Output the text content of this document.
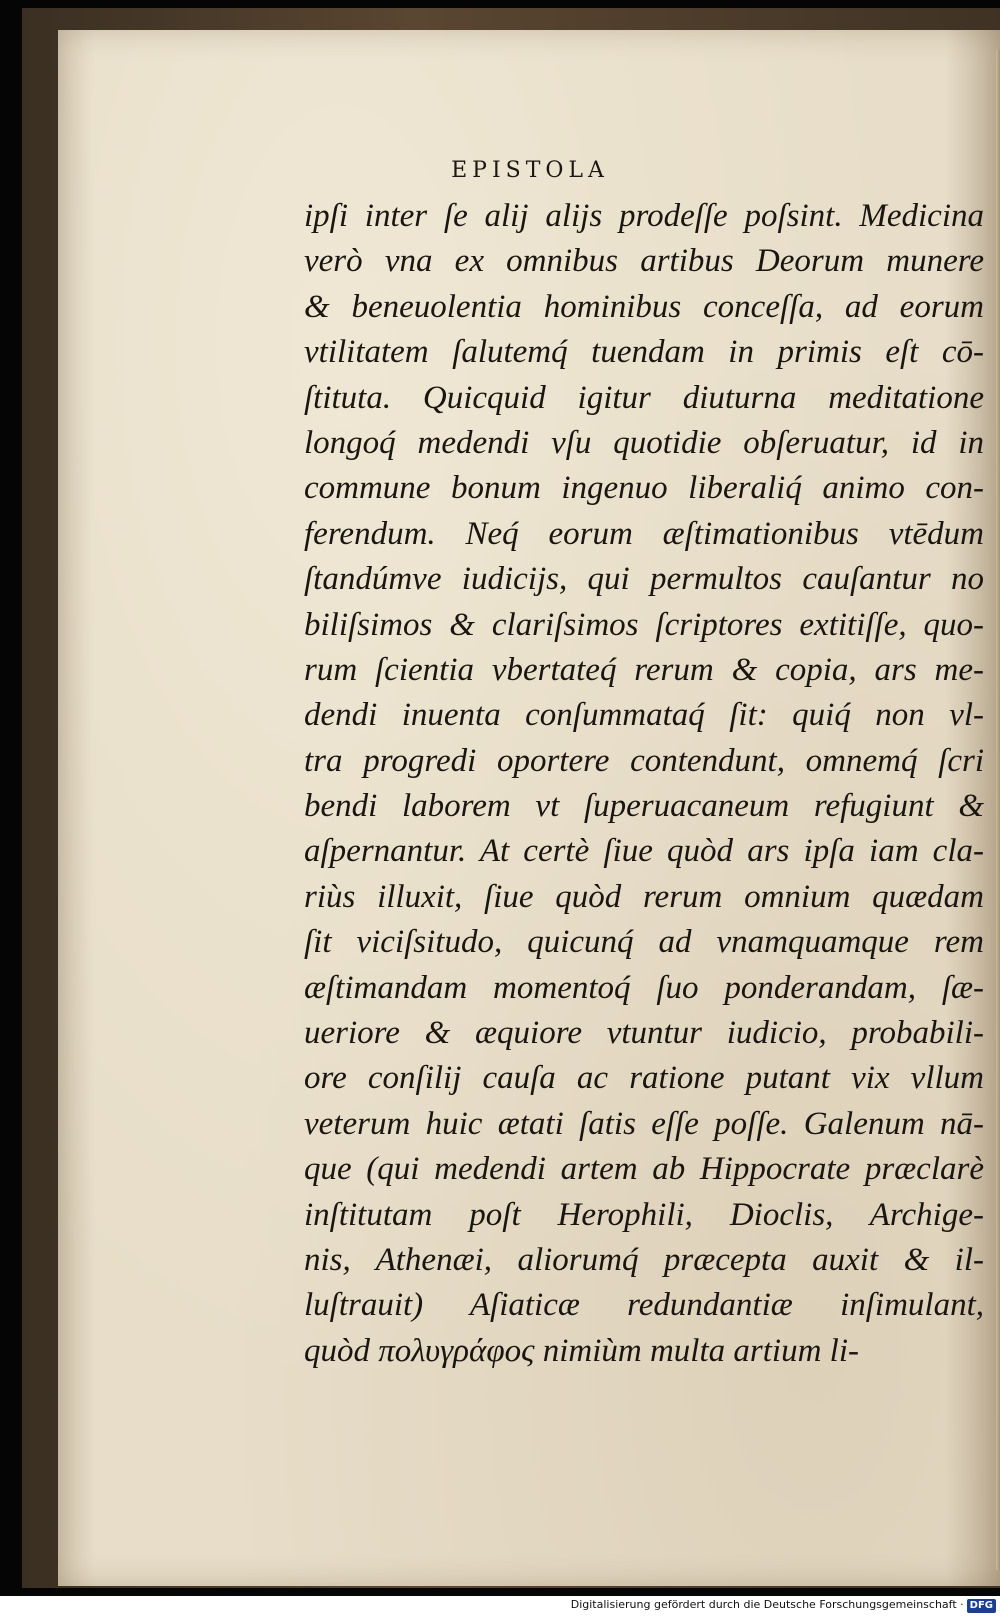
EPISTOLA
ipſi inter ſe alij alijs prodeſſe poſsint. Medicina
verò vna ex omnibus artibus Deorum munere
& beneuolentia hominibus conceſſa, ad eorum
vtilitatem ſalutemq́ tuendam in primis eſt cō-
ſtituta. Quicquid igitur diuturna meditatione
longoq́ medendi vſu quotidie obſeruatur, id in
commune bonum ingenuo liberaliq́ animo con-
ferendum. Neq́ eorum æſtimationibus vtēdum
ſtandúmve iudicijs, qui permultos cauſantur no
biliſsimos & clariſsimos ſcriptores extitiſſe, quo-
rum ſcientia vbertateq́ rerum & copia, ars me-
dendi inuenta conſummataq́ ſit: quiq́ non vl-
tra progredi oportere contendunt, omnemq́ ſcri
bendi laborem vt ſuperuacaneum refugiunt &
aſpernantur. At certè ſiue quòd ars ipſa iam cla-
riùs illuxit, ſiue quòd rerum omnium quædam
ſit viciſsitudo, quicunq́ ad vnamquamque rem
æſtimandam momentoq́ ſuo ponderandam, ſæ-
ueriore & æquiore vtuntur iudicio, probabili-
ore conſilij cauſa ac ratione putant vix vllum
veterum huic ætati ſatis eſſe poſſe. Galenum nā-
que (qui medendi artem ab Hippocrate præclarè
inſtitutam poſt Herophili, Dioclis, Archige-
nis, Athenæi, aliorumq́ præcepta auxit & il-
luſtrauit) Aſiaticæ redundantiæ inſimulant,
quòd πολυγράφος nimiùm multa artium li-
Digitalisierung gefördert durch die Deutsche Forschungsgemeinschaft · DFG
